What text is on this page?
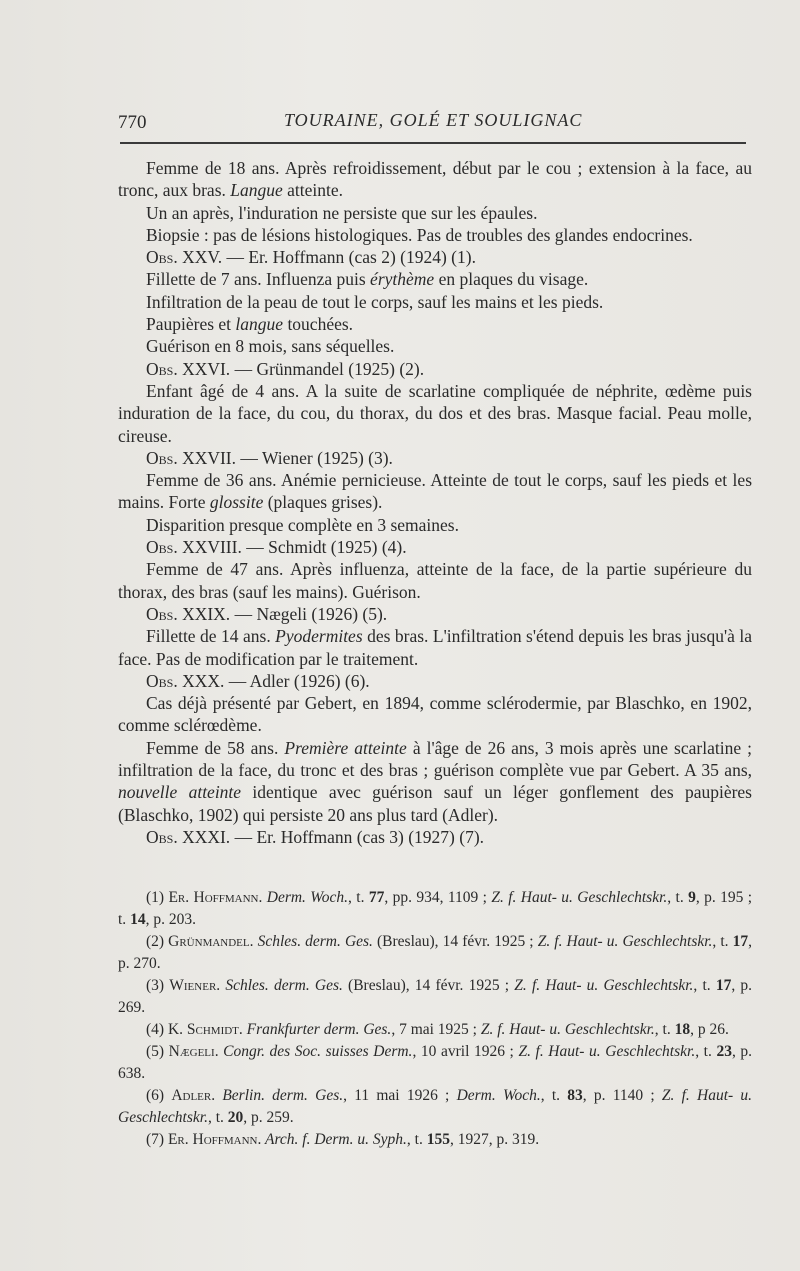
770	TOURAINE, GOLÉ ET SOULIGNAC

Femme de 18 ans. Après refroidissement, début par le cou ; extension à la face, au tronc, aux bras. Langue atteinte.

Un an après, l'induration ne persiste que sur les épaules.

Biopsie : pas de lésions histologiques. Pas de troubles des glandes endocrines.

Obs. XXV. — Er. Hoffmann (cas 2) (1924) (1).

Fillette de 7 ans. Influenza puis érythème en plaques du visage.

Infiltration de la peau de tout le corps, sauf les mains et les pieds.

Paupières et langue touchées.

Guérison en 8 mois, sans séquelles.

Obs. XXVI. — Grünmandel (1925) (2).

Enfant âgé de 4 ans. A la suite de scarlatine compliquée de néphrite, œdème puis induration de la face, du cou, du thorax, du dos et des bras. Masque facial. Peau molle, cireuse.

Obs. XXVII. — Wiener (1925) (3).

Femme de 36 ans. Anémie pernicieuse. Atteinte de tout le corps, sauf les pieds et les mains. Forte glossite (plaques grises).

Disparition presque complète en 3 semaines.

Obs. XXVIII. — Schmidt (1925) (4).

Femme de 47 ans. Après influenza, atteinte de la face, de la partie supérieure du thorax, des bras (sauf les mains). Guérison.

Obs. XXIX. — Nægeli (1926) (5).

Fillette de 14 ans. Pyodermites des bras. L'infiltration s'étend depuis les bras jusqu'à la face. Pas de modification par le traitement.

Obs. XXX. — Adler (1926) (6).

Cas déjà présenté par Gebert, en 1894, comme sclérodermie, par Blaschko, en 1902, comme sclérœdème.

Femme de 58 ans. Première atteinte à l'âge de 26 ans, 3 mois après une scarlatine ; infiltration de la face, du tronc et des bras ; guérison complète vue par Gebert. A 35 ans, nouvelle atteinte identique avec guérison sauf un léger gonflement des paupières (Blaschko, 1902) qui persiste 20 ans plus tard (Adler).

Obs. XXXI. — Er. Hoffmann (cas 3) (1927) (7).

(1) Er. Hoffmann. Derm. Woch., t. 77, pp. 934, 1109 ; Z. f. Haut- u. Geschlechtskr., t. 9, p. 195 ; t. 14, p. 203.

(2) Grünmandel. Schles. derm. Ges. (Breslau), 14 févr. 1925 ; Z. f. Haut- u. Geschlechtskr., t. 17, p. 270.

(3) Wiener. Schles. derm. Ges. (Breslau), 14 févr. 1925 ; Z. f. Haut- u. Geschlechtskr., t. 17, p. 269.

(4) K. Schmidt. Frankfurter derm. Ges., 7 mai 1925 ; Z. f. Haut- u. Geschlechtskr., t. 18, p 26.

(5) Nægeli. Congr. des Soc. suisses Derm., 10 avril 1926 ; Z. f. Haut- u. Geschlechtskr., t. 23, p. 638.

(6) Adler. Berlin. derm. Ges., 11 mai 1926 ; Derm. Woch., t. 83, p. 1140 ; Z. f. Haut- u. Geschlechtskr., t. 20, p. 259.

(7) Er. Hoffmann. Arch. f. Derm. u. Syph., t. 155, 1927, p. 319.
